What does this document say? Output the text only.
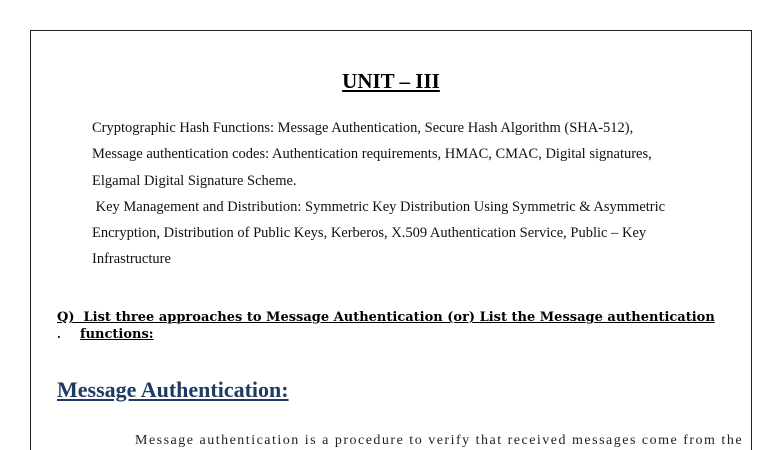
UNIT – III
Cryptographic Hash Functions: Message Authentication, Secure Hash Algorithm (SHA-512),
Message authentication codes: Authentication requirements, HMAC, CMAC, Digital signatures,
Elgamal Digital Signature Scheme.
Key Management and Distribution: Symmetric Key Distribution Using Symmetric & Asymmetric
Encryption, Distribution of Public Keys, Kerberos, X.509 Authentication Service, Public – Key
Infrastructure
Q)  List three approaches to Message Authentication (or) List the Message authentication
. functions:
Message Authentication:
Message authentication is a procedure to verify that received messages come from the
